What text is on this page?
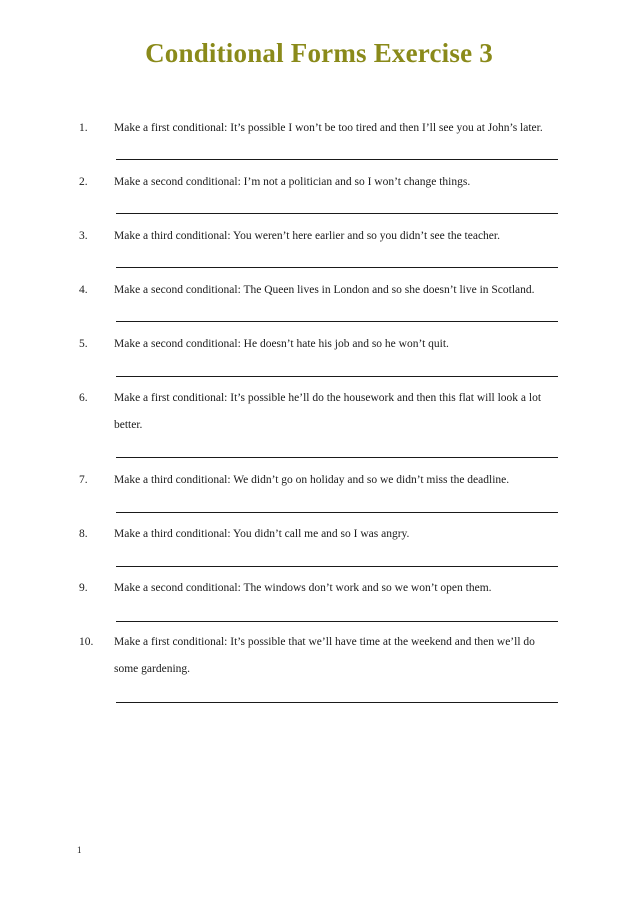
Conditional Forms Exercise 3
1. Make a first conditional: It’s possible I won’t be too tired and then I’ll see you at John’s later.
2. Make a second conditional: I’m not a politician and so I won’t change things.
3. Make a third conditional: You weren’t here earlier and so you didn’t see the teacher.
4. Make a second conditional: The Queen lives in London and so she doesn’t live in Scotland.
5. Make a second conditional: He doesn’t hate his job and so he won’t quit.
6. Make a first conditional: It’s possible he’ll do the housework and then this flat will look a lot
better.
7. Make a third conditional: We didn’t go on holiday and so we didn’t miss the deadline.
8. Make a third conditional: You didn’t call me and so I was angry.
9. Make a second conditional: The windows don’t work and so we won’t open them.
10. Make a first conditional: It’s possible that we’ll have time at the weekend and then we’ll do
some gardening.
1
